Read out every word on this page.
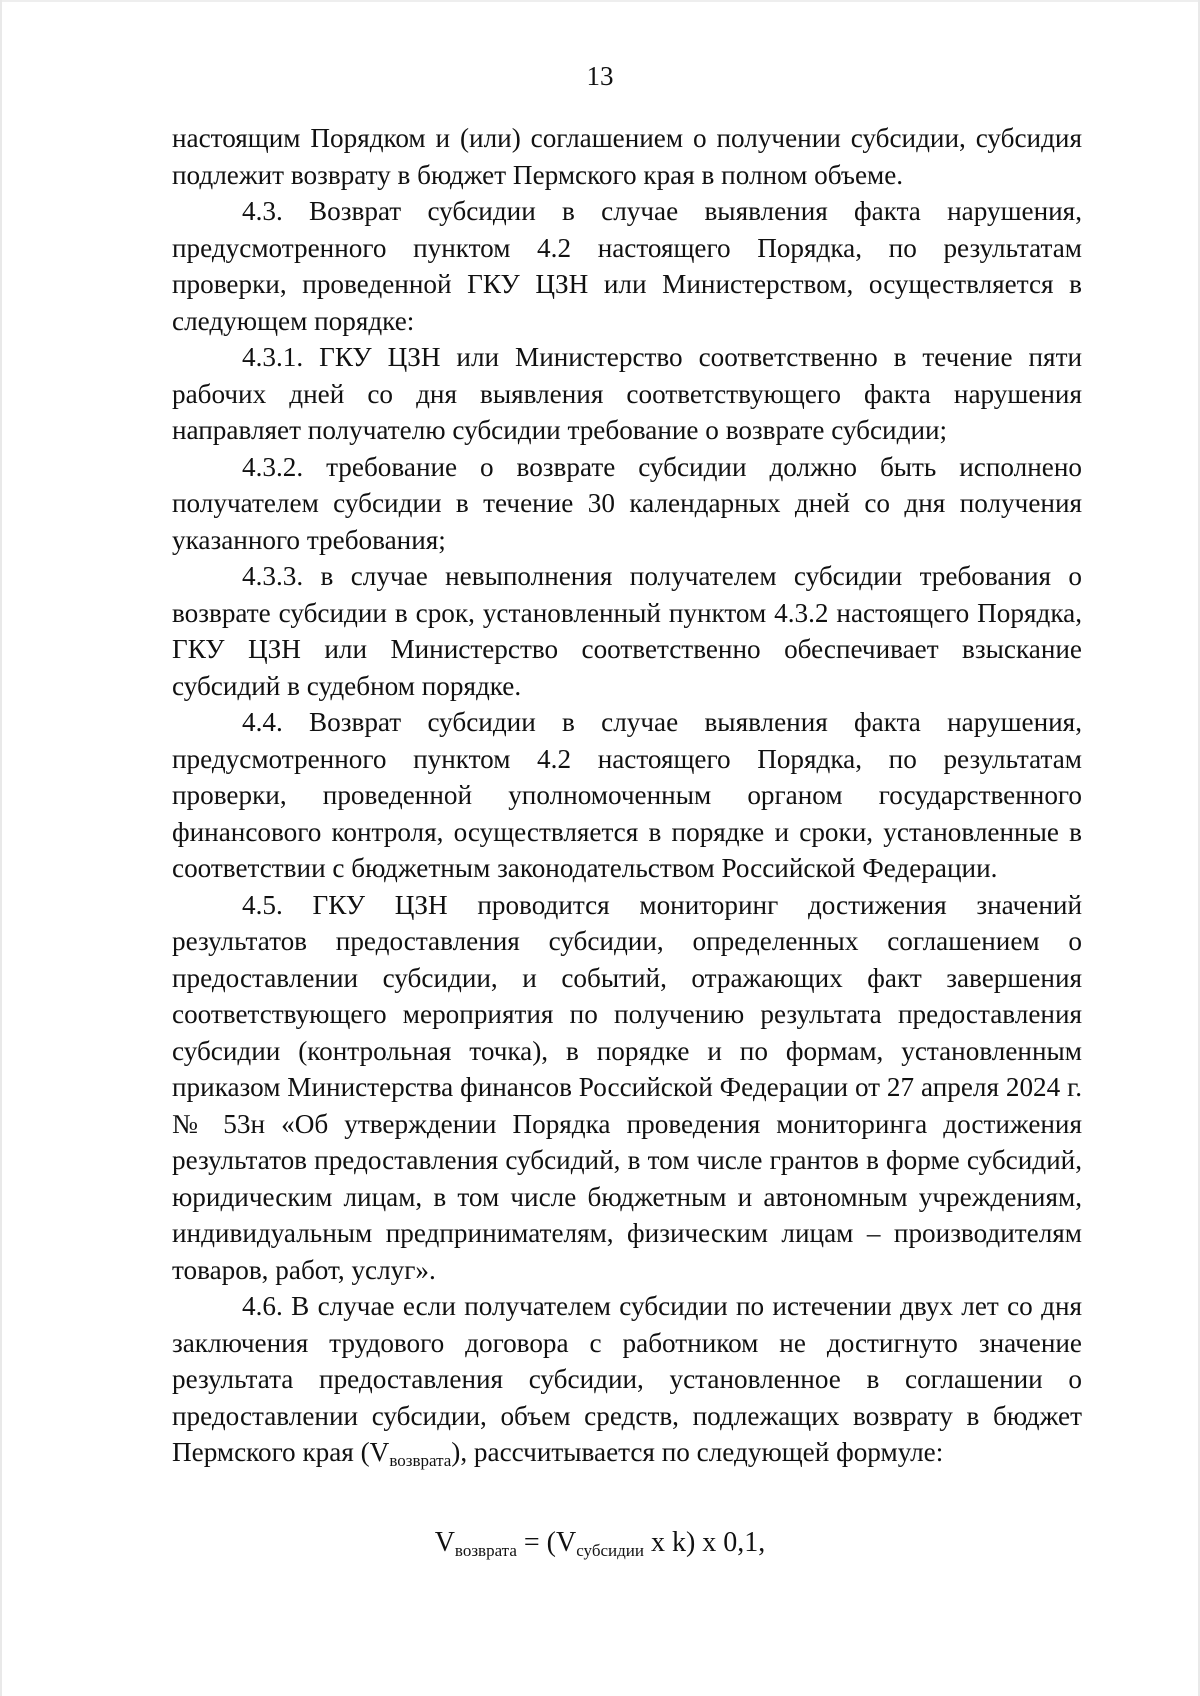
13

настоящим Порядком и (или) соглашением о получении субсидии, субсидия подлежит возврату в бюджет Пермского края в полном объеме.

4.3. Возврат субсидии в случае выявления факта нарушения, предусмотренного пунктом 4.2 настоящего Порядка, по результатам проверки, проведенной ГКУ ЦЗН или Министерством, осуществляется в следующем порядке:

4.3.1. ГКУ ЦЗН или Министерство соответственно в течение пяти рабочих дней со дня выявления соответствующего факта нарушения направляет получателю субсидии требование о возврате субсидии;

4.3.2. требование о возврате субсидии должно быть исполнено получателем субсидии в течение 30 календарных дней со дня получения указанного требования;

4.3.3. в случае невыполнения получателем субсидии требования о возврате субсидии в срок, установленный пунктом 4.3.2 настоящего Порядка, ГКУ ЦЗН или Министерство соответственно обеспечивает взыскание субсидий в судебном порядке.

4.4. Возврат субсидии в случае выявления факта нарушения, предусмотренного пунктом 4.2 настоящего Порядка, по результатам проверки, проведенной уполномоченным органом государственного финансового контроля, осуществляется в порядке и сроки, установленные в соответствии с бюджетным законодательством Российской Федерации.

4.5. ГКУ ЦЗН проводится мониторинг достижения значений результатов предоставления субсидии, определенных соглашением о предоставлении субсидии, и событий, отражающих факт завершения соответствующего мероприятия по получению результата предоставления субсидии (контрольная точка), в порядке и по формам, установленным приказом Министерства финансов Российской Федерации от 27 апреля 2024 г. № 53н «Об утверждении Порядка проведения мониторинга достижения результатов предоставления субсидий, в том числе грантов в форме субсидий, юридическим лицам, в том числе бюджетным и автономным учреждениям, индивидуальным предпринимателям, физическим лицам – производителям товаров, работ, услуг».

4.6. В случае если получателем субсидии по истечении двух лет со дня заключения трудового договора с работником не достигнуто значение результата предоставления субсидии, установленное в соглашении о предоставлении субсидии, объем средств, подлежащих возврату в бюджет Пермского края $(V_{возврата})$, рассчитывается по следующей формуле:

$V_{возврата} = (V_{субсидии}$ x k) x 0,1,
